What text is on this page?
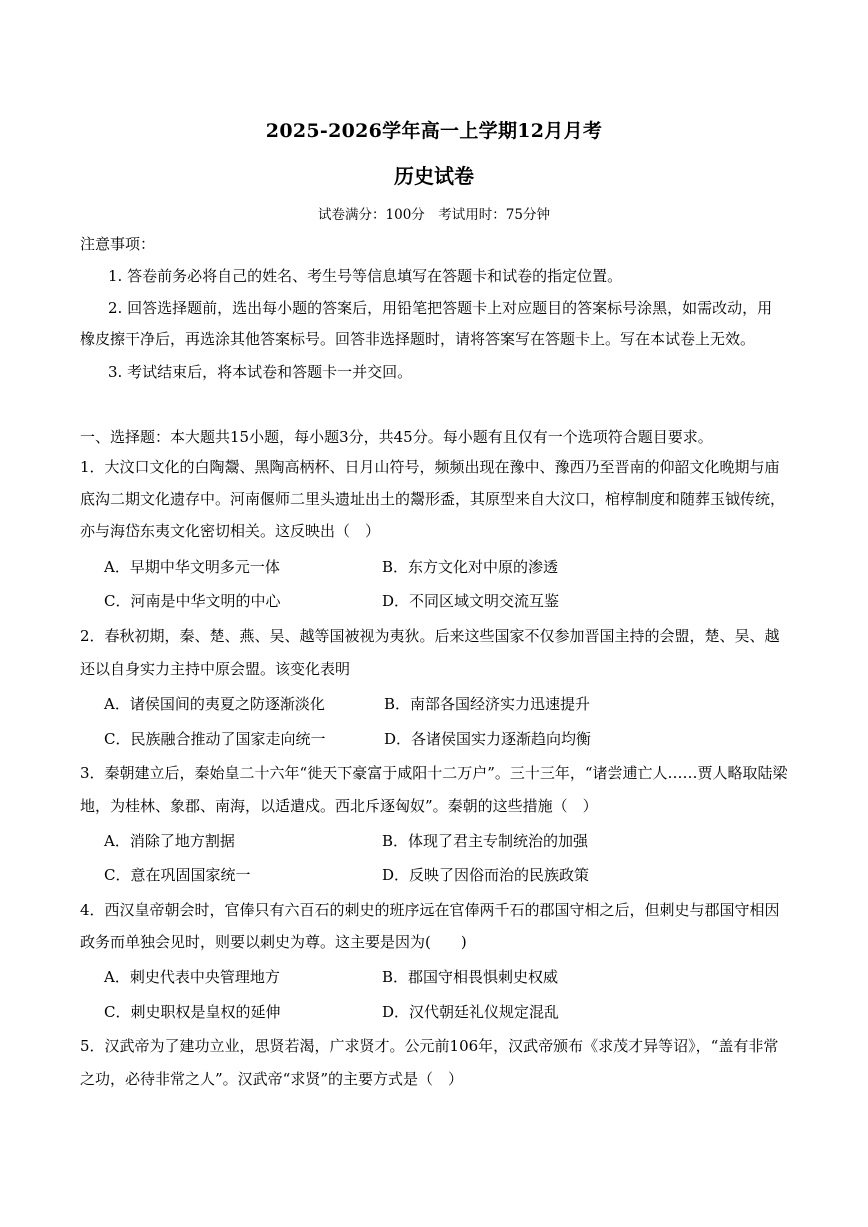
2025-2026学年高一上学期12月月考
历史试卷
试卷满分：100分　考试用时：75分钟
注意事项：
1. 答卷前务必将自己的姓名、考生号等信息填写在答题卡和试卷的指定位置。
2. 回答选择题前，选出每小题的答案后，用铅笔把答题卡上对应题目的答案标号涂黑，如需改动，用
橡皮擦干净后，再选涂其他答案标号。回答非选择题时，请将答案写在答题卡上。写在本试卷上无效。
3. 考试结束后，将本试卷和答题卡一并交回。
一、选择题：本大题共15小题，每小题3分，共45分。每小题有且仅有一个选项符合题目要求。
1．大汶口文化的白陶鬶、黑陶高柄杯、日月山符号，频频出现在豫中、豫西乃至晋南的仰韶文化晚期与庙
底沟二期文化遗存中。河南偃师二里头遗址出土的鬶形盉，其原型来自大汶口，棺椁制度和随葬玉钺传统，
亦与海岱东夷文化密切相关。这反映出（　）
A．早期中华文明多元一体	B．东方文化对中原的渗透
C．河南是中华文明的中心	D．不同区域文明交流互鉴
2．春秋初期，秦、楚、燕、吴、越等国被视为夷狄。后来这些国家不仅参加晋国主持的会盟，楚、吴、越
还以自身实力主持中原会盟。该变化表明
A．诸侯国间的夷夏之防逐渐淡化	B．南部各国经济实力迅速提升
C．民族融合推动了国家走向统一	D．各诸侯国实力逐渐趋向均衡
3．秦朝建立后，秦始皇二十六年“徙天下豪富于咸阳十二万户”。三十三年，“诸尝逋亡人……贾人略取陆梁
地，为桂林、象郡、南海，以适遣戍。西北斥逐匈奴”。秦朝的这些措施（　）
A．消除了地方割据	B．体现了君主专制统治的加强
C．意在巩固国家统一	D．反映了因俗而治的民族政策
4．西汉皇帝朝会时，官俸只有六百石的刺史的班序远在官俸两千石的郡国守相之后，但刺史与郡国守相因
政务而单独会见时，则要以刺史为尊。这主要是因为(　　)
A．刺史代表中央管理地方	B．郡国守相畏惧刺史权威
C．刺史职权是皇权的延伸	D．汉代朝廷礼仪规定混乱
5．汉武帝为了建功立业，思贤若渴，广求贤才。公元前106年，汉武帝颁布《求茂才异等诏》，“盖有非常
之功，必待非常之人”。汉武帝“求贤”的主要方式是（　）
